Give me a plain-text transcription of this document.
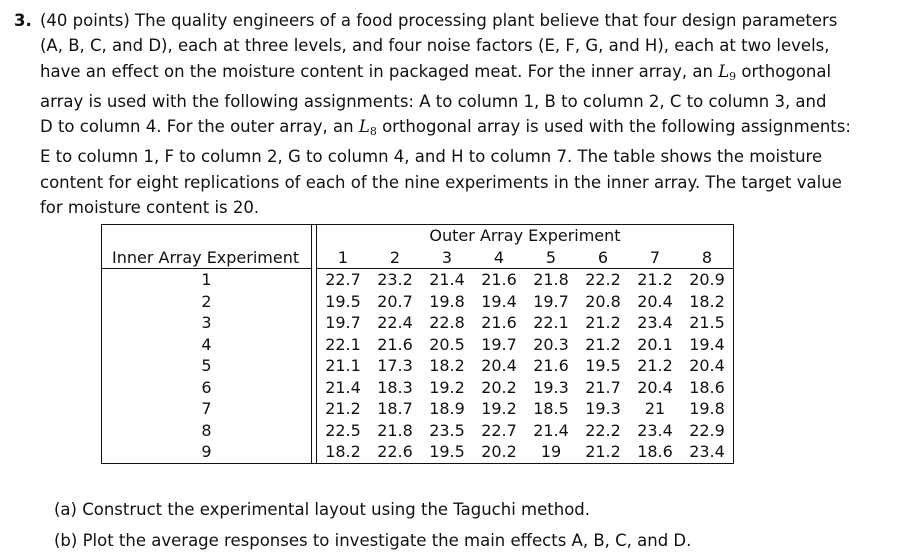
3. (40 points) The quality engineers of a food processing plant believe that four design parameters
(A, B, C, and D), each at three levels, and four noise factors (E, F, G, and H), each at two levels,
have an effect on the moisture content in packaged meat. For the inner array, an $L_9$ orthogonal
array is used with the following assignments: A to column 1, B to column 2, C to column 3, and
D to column 4. For the outer array, an $L_8$ orthogonal array is used with the following assignments:
E to column 1, F to column 2, G to column 4, and H to column 7. The table shows the moisture
content for eight replications of each of the nine experiments in the inner array. The target value
for moisture content is 20.
		Outer Array Experiment							
Inner Array Experiment		1	2	3	4	5	6	7	8
1		22.7	23.2	21.4	21.6	21.8	22.2	21.2	20.9
2		19.5	20.7	19.8	19.4	19.7	20.8	20.4	18.2
3		19.7	22.4	22.8	21.6	22.1	21.2	23.4	21.5
4		22.1	21.6	20.5	19.7	20.3	21.2	20.1	19.4
5		21.1	17.3	18.2	20.4	21.6	19.5	21.2	20.4
6		21.4	18.3	19.2	20.2	19.3	21.7	20.4	18.6
7		21.2	18.7	18.9	19.2	18.5	19.3	21	19.8
8		22.5	21.8	23.5	22.7	21.4	22.2	23.4	22.9
9		18.2	22.6	19.5	20.2	19	21.2	18.6	23.4
(a) Construct the experimental layout using the Taguchi method.
(b) Plot the average responses to investigate the main effects A, B, C, and D.
